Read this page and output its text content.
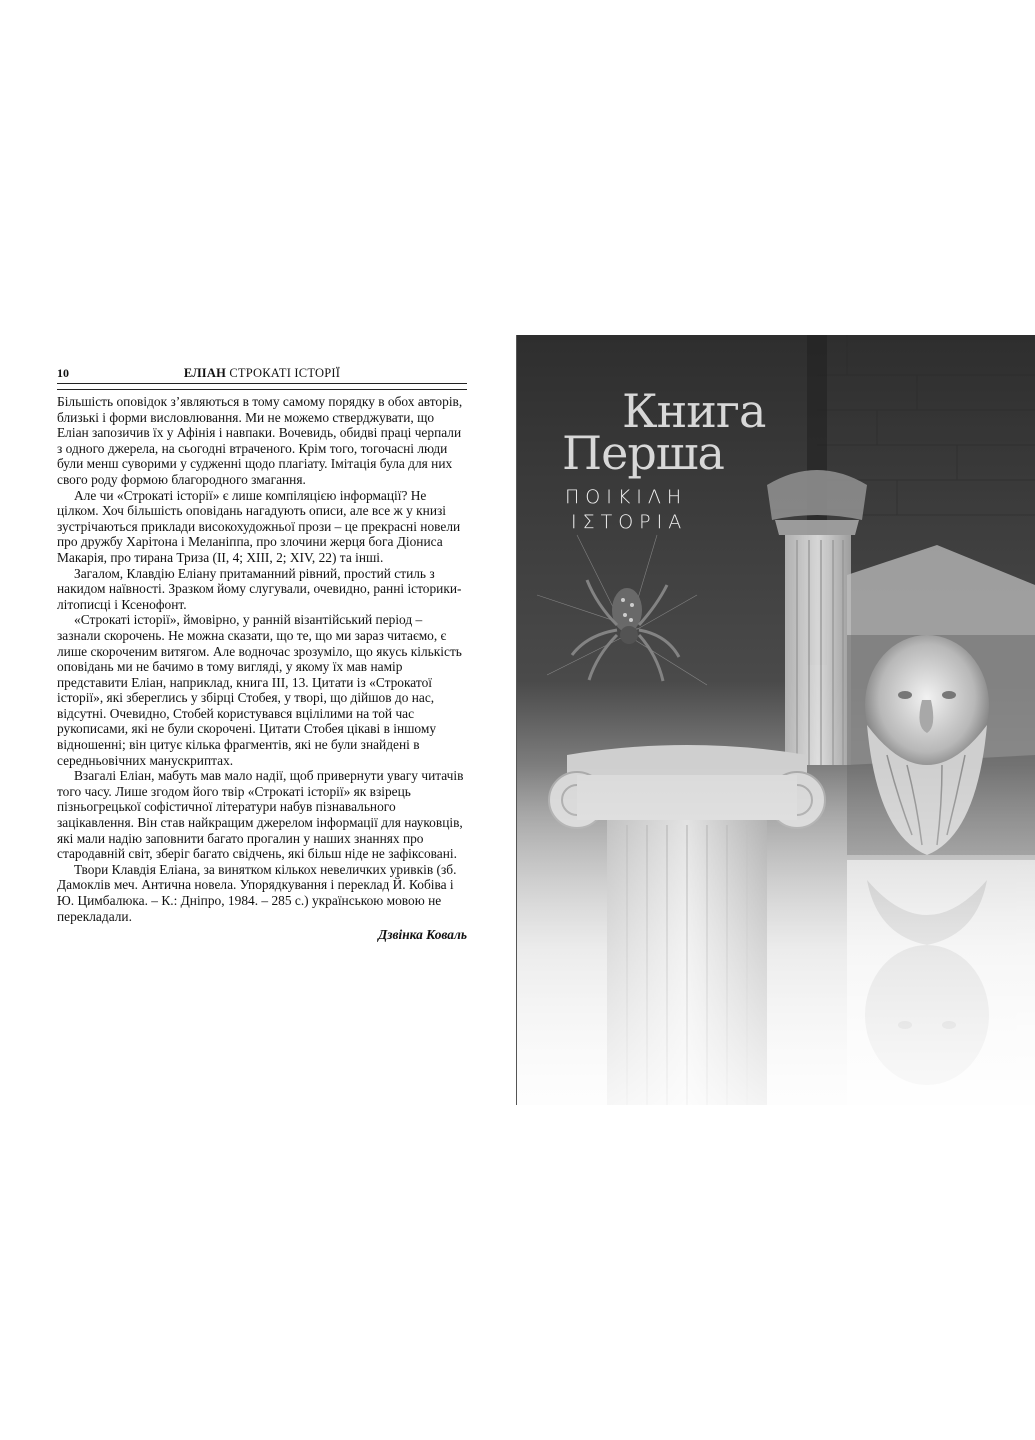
10	ЕЛІАН СТРОКАТІ ІСТОРІЇ

Більшість оповідок з’являються в тому самому порядку в обох авторів, близькі і форми висловлювання. Ми не можемо стверджувати, що Еліан запозичив їх у Афінія і навпаки. Вочевидь, обидві праці черпали з одного джерела, на сьогодні втраченого. Крім того, тогочасні люди були менш суворими у судженні щодо плагіату. Імітація була для них свого роду формою благородного змагання.

Але чи «Строкаті історії» є лише компіляцією інформації? Не цілком. Хоч більшість оповідань нагадують описи, але все ж у книзі зустрічаються приклади високохудожньої прози – це прекрасні новели про дружбу Харітона і Меланіппа, про злочини жерця бога Діониса Макарія, про тирана Триза (ІІ, 4; ХІІІ, 2; XIV, 22) та інші.

Загалом, Клавдію Еліану притаманний рівний, простий стиль з накидом наївності. Зразком йому слугували, очевидно, ранні історики-літописці і Ксенофонт.

«Строкаті історії», ймовірно, у ранній візантійський період – зазнали скорочень. Не можна сказати, що те, що ми зараз читаємо, є лише скороченим витягом. Але водночас зрозуміло, що якусь кількість оповідань ми не бачимо в тому вигляді, у якому їх мав намір представити Еліан, наприклад, книга ІІІ, 13. Цитати із «Строкатої історії», які збереглись у збірці Стобея, у творі, що дійшов до нас, відсутні. Очевидно, Стобей користувався вцілілими на той час рукописами, які не були скорочені. Цитати Стобея цікаві в іншому відношенні; він цитує кілька фрагментів, які не були знайдені в середньовічних манускриптах.

Взагалі Еліан, мабуть мав мало надії, щоб привернути увагу читачів того часу. Лише згодом його твір «Строкаті історії» як взірець пізньогрецької софістичної літератури набув пізнавального зацікавлення. Він став найкращим джерелом інформації для науковців, які мали надію заповнити багато прогалин у наших знаннях про стародавній світ, зберіг багато свідчень, які більш ніде не зафіксовані.

Твори Клавдія Еліана, за винятком кількох невеличких уривків (зб. Дамоклів меч. Антична новела. Упорядкування і переклад Й. Кобіва і Ю. Цимбалюка. – К.: Дніпро, 1984. – 285 с.) українською мовою не перекладали.

Дзвінка Коваль

Книга
Перша
ΠΟΙΚΙΛΗ
ΙΣΤΟΡΙΑ
